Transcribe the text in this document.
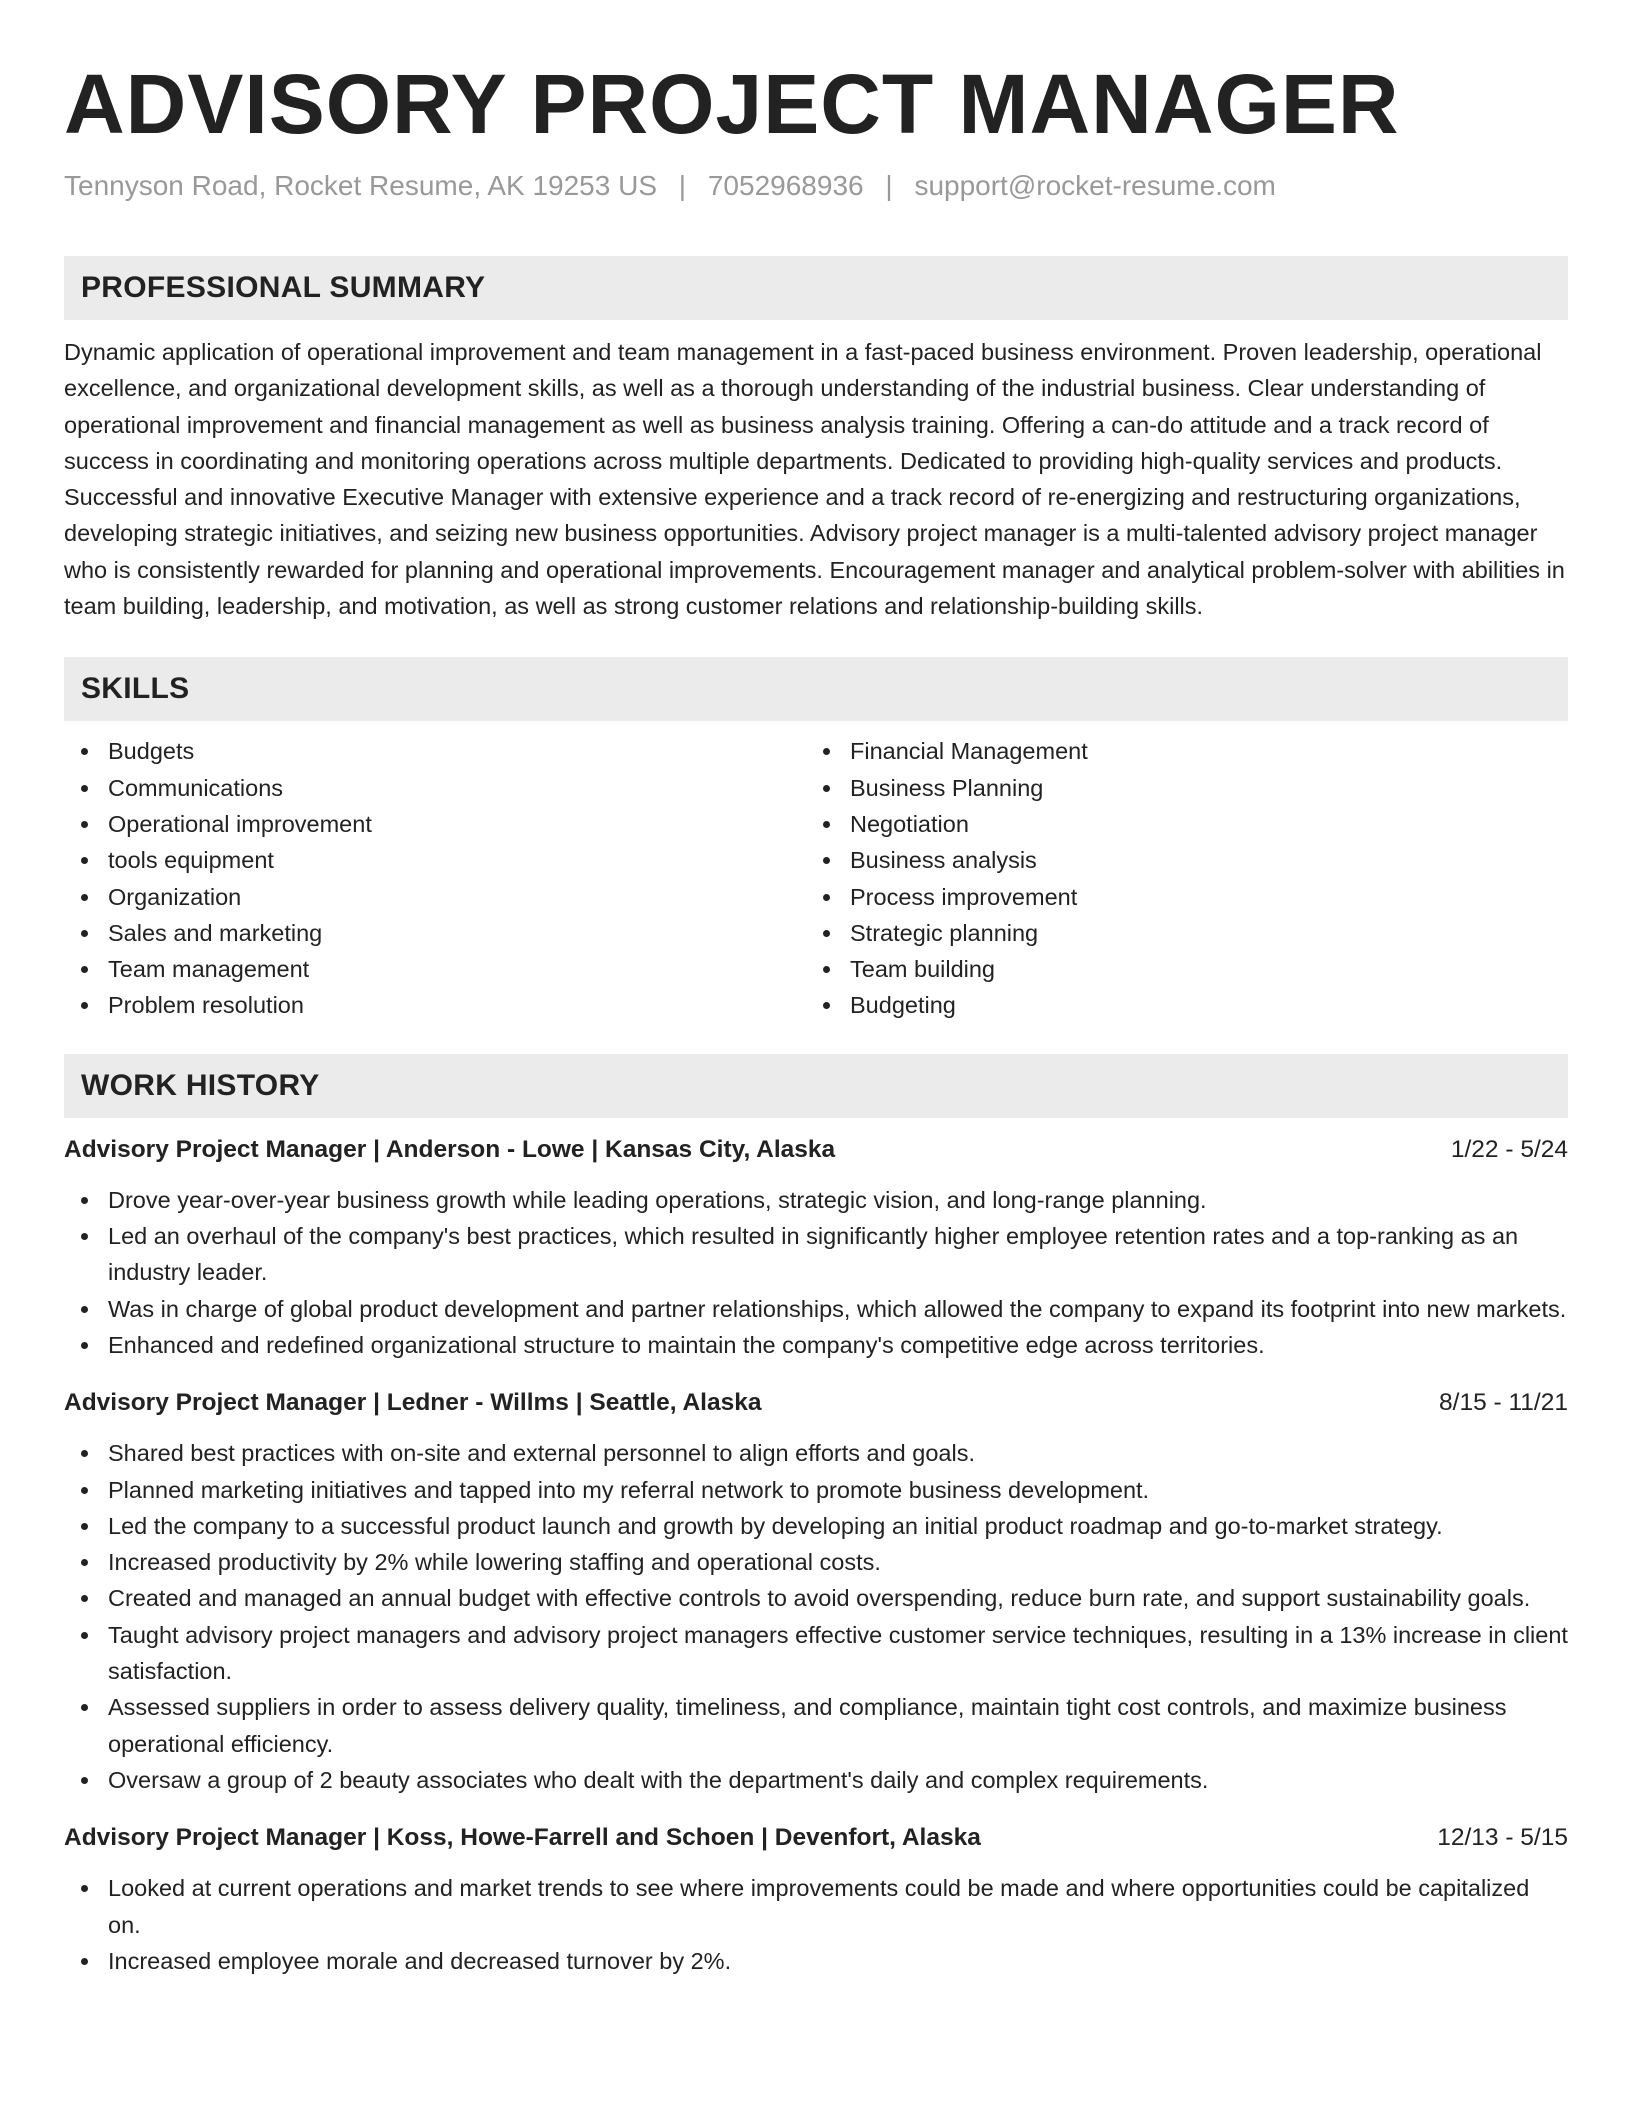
ADVISORY PROJECT MANAGER
Tennyson Road, Rocket Resume, AK 19253 US | 7052968936 | support@rocket-resume.com
PROFESSIONAL SUMMARY

Dynamic application of operational improvement and team management in a fast-paced business environment. Proven leadership, operational excellence, and organizational development skills, as well as a thorough understanding of the industrial business. Clear understanding of operational improvement and financial management as well as business analysis training. Offering a can-do attitude and a track record of success in coordinating and monitoring operations across multiple departments. Dedicated to providing high-quality services and products. Successful and innovative Executive Manager with extensive experience and a track record of re-energizing and restructuring organizations, developing strategic initiatives, and seizing new business opportunities. Advisory project manager is a multi-talented advisory project manager who is consistently rewarded for planning and operational improvements. Encouragement manager and analytical problem-solver with abilities in team building, leadership, and motivation, as well as strong customer relations and relationship-building skills.

SKILLS
Budgets
Communications
Operational improvement
tools equipment
Organization
Sales and marketing
Team management
Problem resolution
Financial Management
Business Planning
Negotiation
Business analysis
Process improvement
Strategic planning
Team building
Budgeting
WORK HISTORY
Advisory Project Manager | Anderson - Lowe | Kansas City, Alaska	1/22 - 5/24
Drove year-over-year business growth while leading operations, strategic vision, and long-range planning.
Led an overhaul of the company's best practices, which resulted in significantly higher employee retention rates and a top-ranking as an industry leader.
Was in charge of global product development and partner relationships, which allowed the company to expand its footprint into new markets.
Enhanced and redefined organizational structure to maintain the company's competitive edge across territories.
Advisory Project Manager | Ledner - Willms | Seattle, Alaska	8/15 - 11/21
Shared best practices with on-site and external personnel to align efforts and goals.
Planned marketing initiatives and tapped into my referral network to promote business development.
Led the company to a successful product launch and growth by developing an initial product roadmap and go-to-market strategy.
Increased productivity by 2% while lowering staffing and operational costs.
Created and managed an annual budget with effective controls to avoid overspending, reduce burn rate, and support sustainability goals.
Taught advisory project managers and advisory project managers effective customer service techniques, resulting in a 13% increase in client satisfaction.
Assessed suppliers in order to assess delivery quality, timeliness, and compliance, maintain tight cost controls, and maximize business operational efficiency.
Oversaw a group of 2 beauty associates who dealt with the department's daily and complex requirements.
Advisory Project Manager | Koss, Howe-Farrell and Schoen | Devenfort, Alaska	12/13 - 5/15
Looked at current operations and market trends to see where improvements could be made and where opportunities could be capitalized on.
Increased employee morale and decreased turnover by 2%.
